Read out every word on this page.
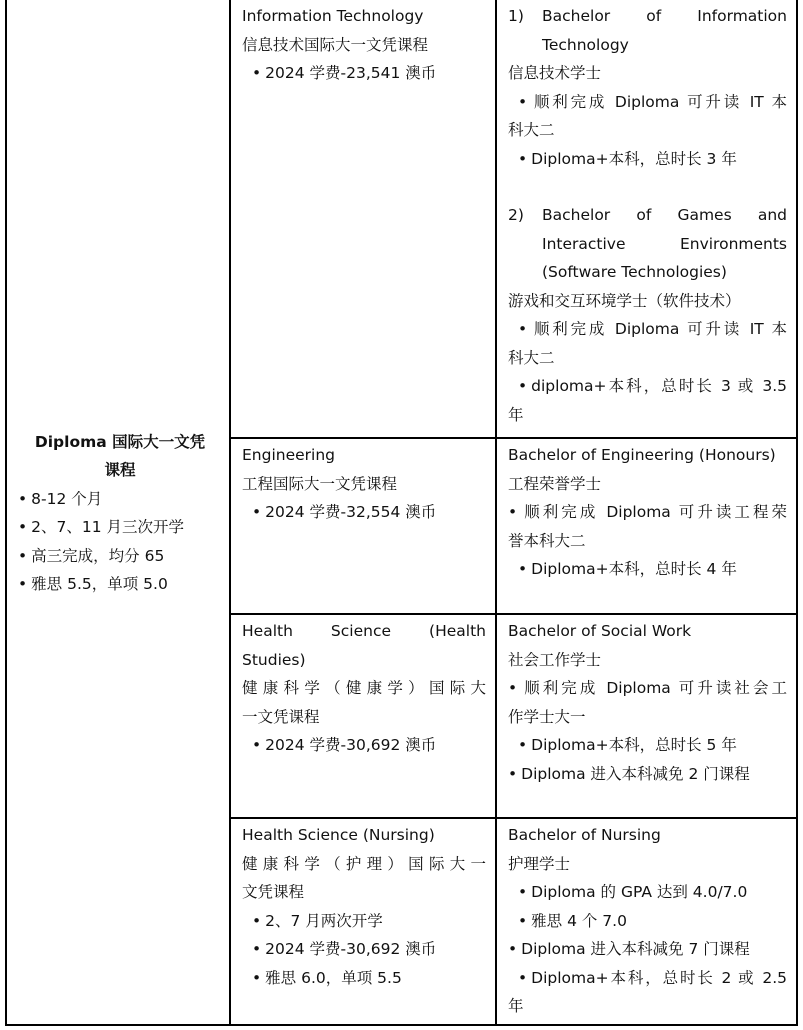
Diploma 国际大一文凭

课程

• 8-12 个月

• 2、7、11 月三次开学

• 高三完成，均分 65

• 雅思 5.5，单项 5.0

Information Technology

信息技术国际大一文凭课程

• 2024 学费-23,541 澳币

1)	Bachelor of Information

Technology

信息技术学士

• 顺利完成 Diploma 可升读 IT 本

科大二

• Diploma+本科，总时长 3 年

2)	Bachelor of Games and

Interactive Environments

(Software Technologies)

游戏和交互环境学士（软件技术）

• 顺利完成 Diploma 可升读 IT 本

科大二

• diploma+本科，总时长 3 或 3.5

年

Engineering

工程国际大一文凭课程

• 2024 学费-32,554 澳币

Bachelor of Engineering (Honours)

工程荣誉学士

• 顺利完成 Diploma 可升读工程荣

誉本科大二

• Diploma+本科，总时长 4 年

Health Science (Health

Studies)

健康科学（健康学）国际大

一文凭课程

• 2024 学费-30,692 澳币

Bachelor of Social Work

社会工作学士

• 顺利完成 Diploma 可升读社会工

作学士大一

• Diploma+本科，总时长 5 年

• Diploma 进入本科减免 2 门课程

Health Science (Nursing)

健康科学（护理）国际大一

文凭课程

• 2、7 月两次开学

• 2024 学费-30,692 澳币

• 雅思 6.0，单项 5.5

Bachelor of Nursing

护理学士

• Diploma 的 GPA 达到 4.0/7.0

• 雅思 4 个 7.0

• Diploma 进入本科减免 7 门课程

• Diploma+本科，总时长 2 或 2.5

年
